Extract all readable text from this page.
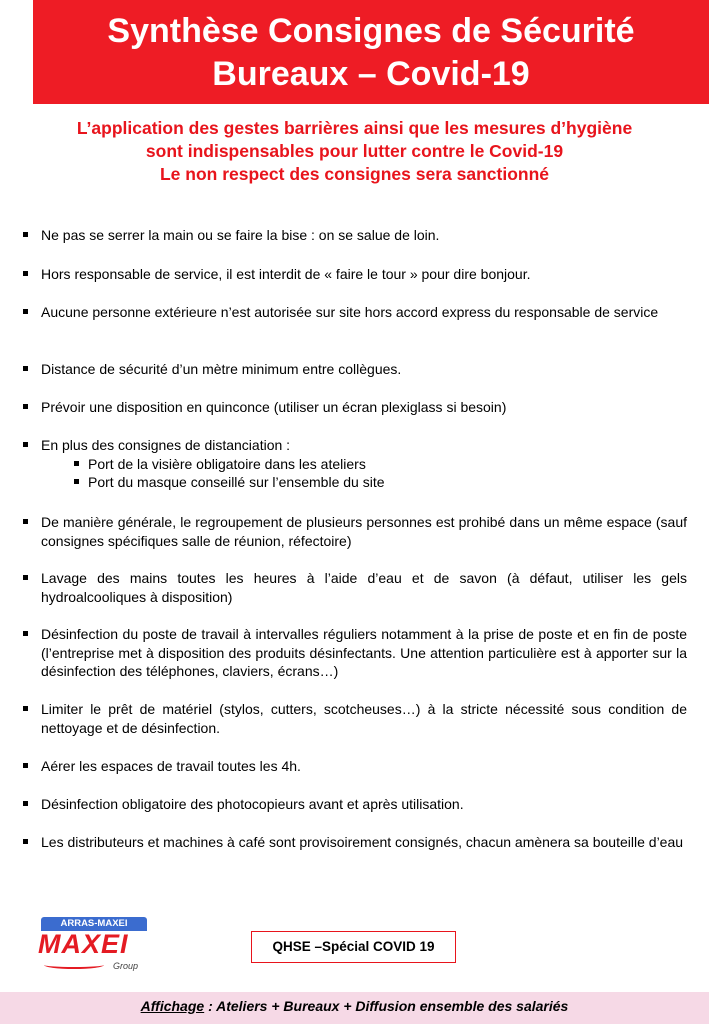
Synthèse Consignes de Sécurité
Bureaux – Covid-19
L’application des gestes barrières ainsi que les mesures d’hygiène
sont indispensables pour lutter contre le Covid-19
Le non respect des consignes sera sanctionné
Ne pas se serrer la main ou se faire la bise : on se salue de loin.
Hors responsable de service, il est interdit de « faire le tour » pour dire bonjour.
Aucune personne extérieure n’est autorisée sur site hors accord express du responsable de service
Distance de sécurité d’un mètre minimum entre collègues.
Prévoir une disposition en quinconce (utiliser un écran plexiglass si besoin)
En plus des consignes de distanciation :
Port de la visière obligatoire dans les ateliers
Port du masque conseillé sur l’ensemble du site
De manière générale, le regroupement de plusieurs personnes est prohibé dans un même espace (sauf consignes spécifiques salle de réunion, réfectoire)
Lavage des mains toutes les heures à l’aide d’eau et de savon (à défaut, utiliser les gels hydroalcooliques à disposition)
Désinfection du poste de travail à intervalles réguliers notamment à la prise de poste et en fin de poste (l’entreprise met à disposition des produits désinfectants. Une attention particulière est à apporter sur la désinfection des téléphones, claviers, écrans…)
Limiter le prêt de matériel (stylos, cutters, scotcheuses…) à la stricte nécessité sous condition de nettoyage et de désinfection.
Aérer les espaces de travail toutes les 4h.
Désinfection obligatoire des photocopieurs avant et après utilisation.
Les distributeurs et machines à café sont provisoirement consignés, chacun amènera sa bouteille d’eau
ARRAS-MAXEI
MAXEI
Group
QHSE –Spécial COVID 19
Affichage : Ateliers + Bureaux + Diffusion ensemble des salariés
